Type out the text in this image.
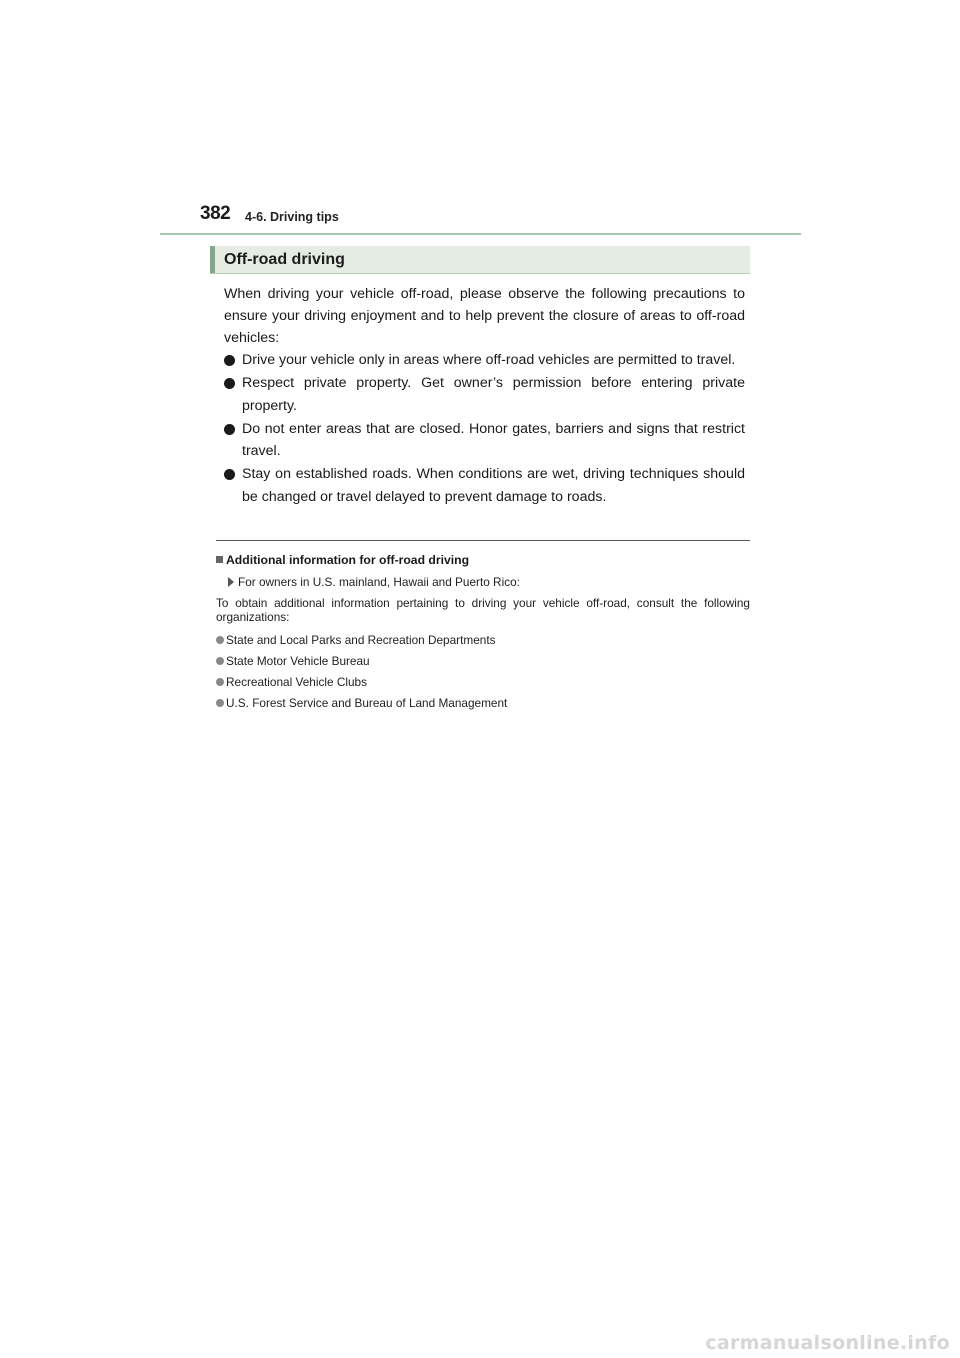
382 4-6. Driving tips
Off-road driving

When driving your vehicle off-road, please observe the following precautions to ensure your driving enjoyment and to help prevent the closure of areas to off-road vehicles:

Drive your vehicle only in areas where off-road vehicles are permitted to travel.
Respect private property. Get owner’s permission before entering private property.
Do not enter areas that are closed. Honor gates, barriers and signs that restrict travel.
Stay on established roads. When conditions are wet, driving techniques should be changed or travel delayed to prevent damage to roads.
Additional information for off-road driving
For owners in U.S. mainland, Hawaii and Puerto Rico:
To obtain additional information pertaining to driving your vehicle off-road, consult the following organizations:
State and Local Parks and Recreation Departments
State Motor Vehicle Bureau
Recreational Vehicle Clubs
U.S. Forest Service and Bureau of Land Management
carmanualsonline.info
